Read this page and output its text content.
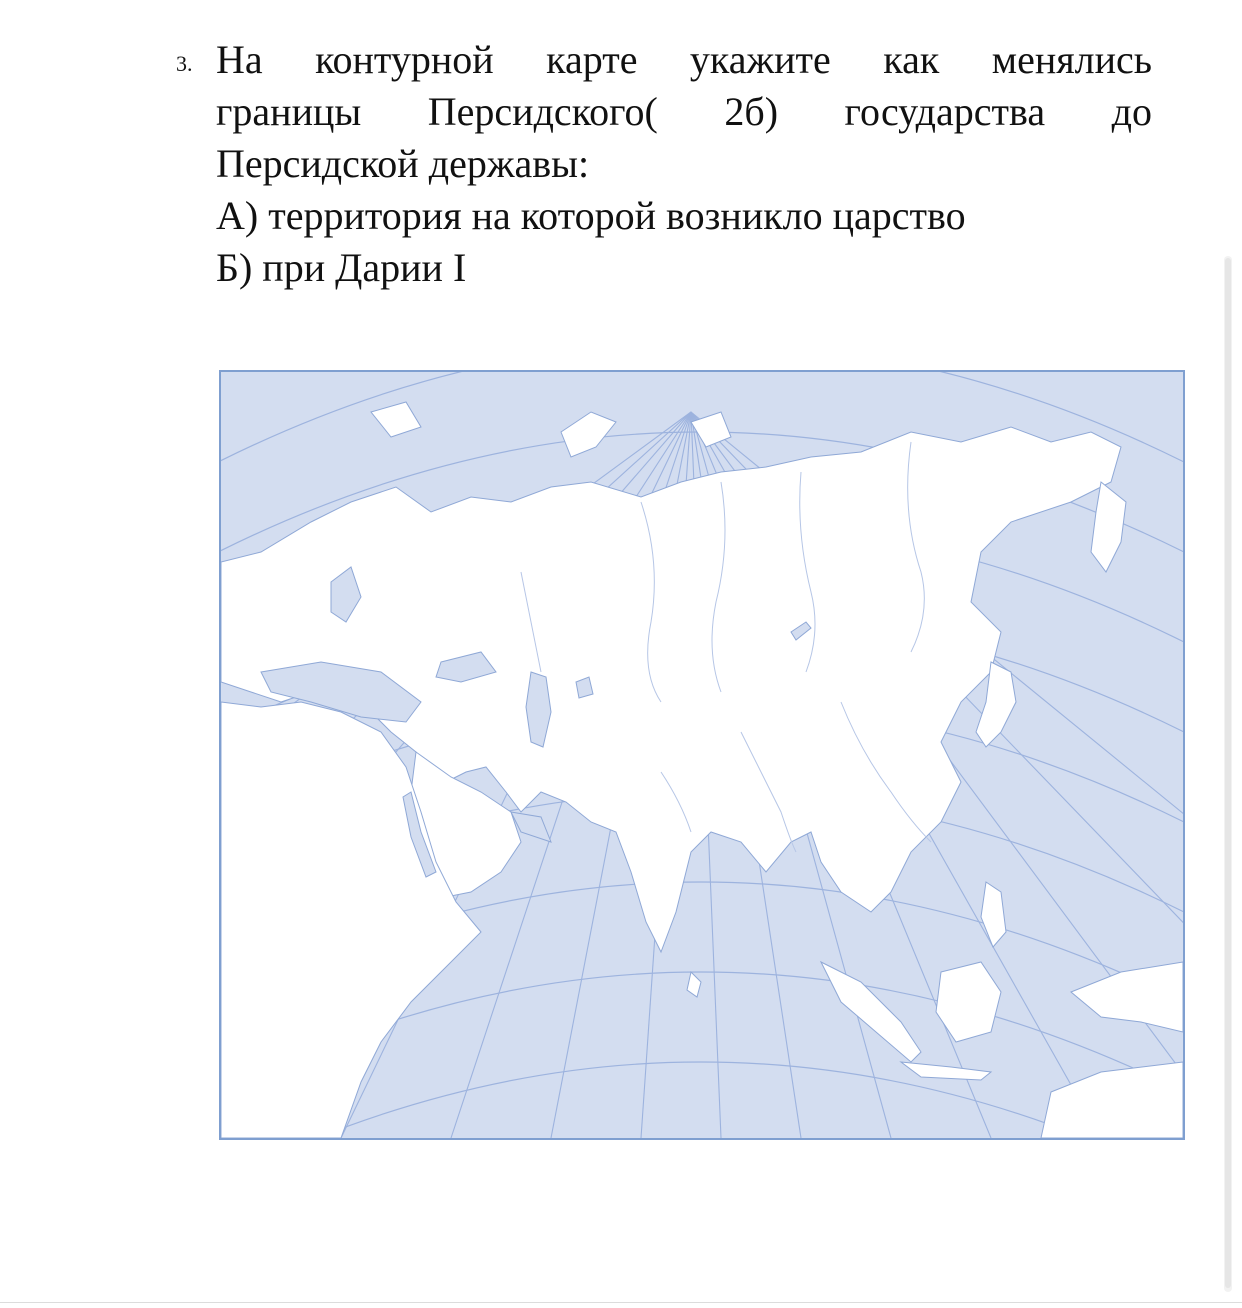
3. На контурной карте укажите как менялись
границы Персидского( 2б) государства до
Персидской державы:
А) территория на которой возникло царство
Б) при Дарии I
